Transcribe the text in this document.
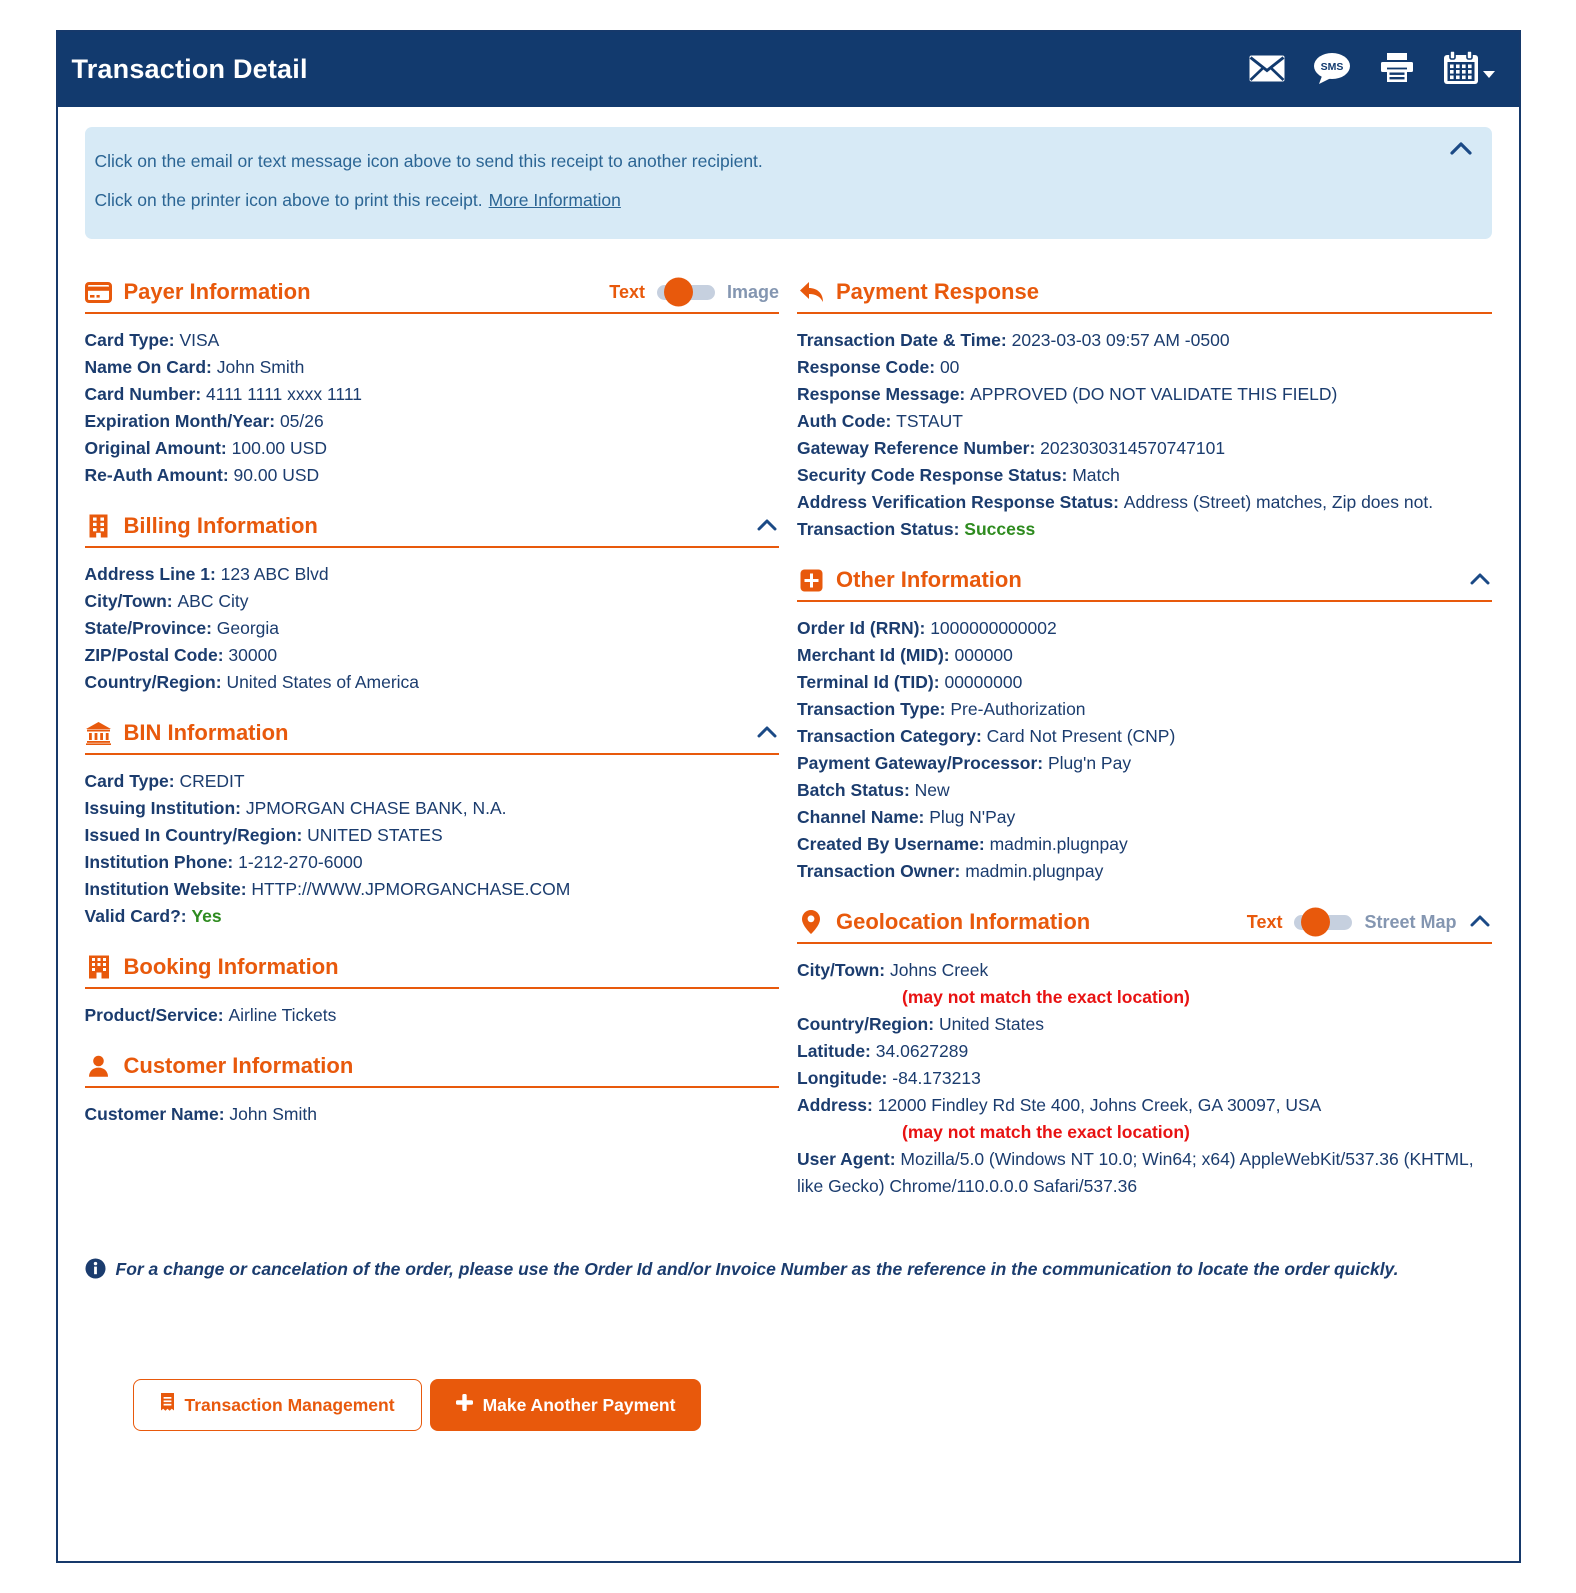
Transaction Detail	SMS

Click on the email or text message icon above to send this receipt to another recipient.

Click on the printer icon above to print this receipt. More Information

Payer Information	Text	Image
Card Type: VISA
Name On Card: John Smith
Card Number: 4111 1111 xxxx 1111
Expiration Month/Year: 05/26
Original Amount: 100.00 USD
Re-Auth Amount: 90.00 USD
Billing Information
Address Line 1: 123 ABC Blvd
City/Town: ABC City
State/Province: Georgia
ZIP/Postal Code: 30000
Country/Region: United States of America
BIN Information
Card Type: CREDIT
Issuing Institution: JPMORGAN CHASE BANK, N.A.
Issued In Country/Region: UNITED STATES
Institution Phone: 1-212-270-6000
Institution Website: HTTP://WWW.JPMORGANCHASE.COM
Valid Card?: Yes
Booking Information
Product/Service: Airline Tickets
Customer Information
Customer Name: John Smith
Payment Response
Transaction Date & Time: 2023-03-03 09:57 AM -0500
Response Code: 00
Response Message: APPROVED (DO NOT VALIDATE THIS FIELD)
Auth Code: TSTAUT
Gateway Reference Number: 2023030314570747101
Security Code Response Status: Match
Address Verification Response Status: Address (Street) matches, Zip does not.
Transaction Status: Success
Other Information
Order Id (RRN): 1000000000002
Merchant Id (MID): 000000
Terminal Id (TID): 00000000
Transaction Type: Pre-Authorization
Transaction Category: Card Not Present (CNP)
Payment Gateway/Processor: Plug'n Pay
Batch Status: New
Channel Name: Plug N'Pay
Created By Username: madmin.plugnpay
Transaction Owner: madmin.plugnpay
Geolocation Information	Text	Street Map
City/Town: Johns Creek
(may not match the exact location)
Country/Region: United States
Latitude: 34.0627289
Longitude: -84.173213
Address: 12000 Findley Rd Ste 400, Johns Creek, GA 30097, USA
(may not match the exact location)
User Agent: Mozilla/5.0 (Windows NT 10.0; Win64; x64) AppleWebKit/537.36 (KHTML, like Gecko) Chrome/110.0.0.0 Safari/537.36
For a change or cancelation of the order, please use the Order Id and/or Invoice Number as the reference in the communication to locate the order quickly.
Transaction Management	Make Another Payment
